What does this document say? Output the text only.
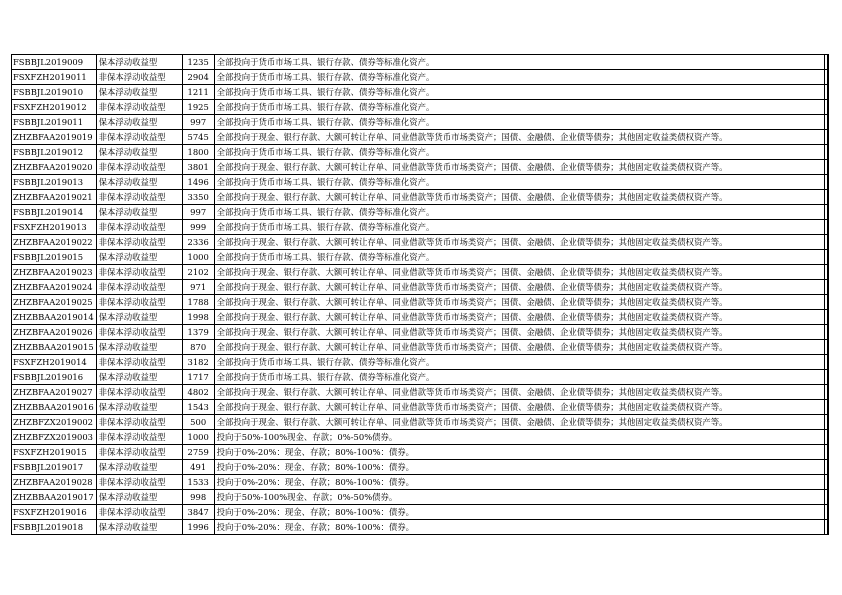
FSBBJL2019009	保本浮动收益型	1235	全部投向于货币市场工具、银行存款、债券等标准化资产。	
FSXFZH2019011	非保本浮动收益型	2904	全部投向于货币市场工具、银行存款、债券等标准化资产。	
FSBBJL2019010	保本浮动收益型	1211	全部投向于货币市场工具、银行存款、债券等标准化资产。	
FSXFZH2019012	非保本浮动收益型	1925	全部投向于货币市场工具、银行存款、债券等标准化资产。	
FSBBJL2019011	保本浮动收益型	997	全部投向于货币市场工具、银行存款、债券等标准化资产。	
ZHZBFAA2019019	非保本浮动收益型	5745	全部投向于现金、银行存款、大额可转让存单、同业借款等货币市场类资产；国债、金融债、企业债等债券；其他固定收益类债权资产等。	
FSBBJL2019012	保本浮动收益型	1800	全部投向于货币市场工具、银行存款、债券等标准化资产。	
ZHZBFAA2019020	非保本浮动收益型	3801	全部投向于现金、银行存款、大额可转让存单、同业借款等货币市场类资产；国债、金融债、企业债等债券；其他固定收益类债权资产等。	
FSBBJL2019013	保本浮动收益型	1496	全部投向于货币市场工具、银行存款、债券等标准化资产。	
ZHZBFAA2019021	非保本浮动收益型	3350	全部投向于现金、银行存款、大额可转让存单、同业借款等货币市场类资产；国债、金融债、企业债等债券；其他固定收益类债权资产等。	
FSBBJL2019014	保本浮动收益型	997	全部投向于货币市场工具、银行存款、债券等标准化资产。	
FSXFZH2019013	非保本浮动收益型	999	全部投向于货币市场工具、银行存款、债券等标准化资产。	
ZHZBFAA2019022	非保本浮动收益型	2336	全部投向于现金、银行存款、大额可转让存单、同业借款等货币市场类资产；国债、金融债、企业债等债券；其他固定收益类债权资产等。	
FSBBJL2019015	保本浮动收益型	1000	全部投向于货币市场工具、银行存款、债券等标准化资产。	
ZHZBFAA2019023	非保本浮动收益型	2102	全部投向于现金、银行存款、大额可转让存单、同业借款等货币市场类资产；国债、金融债、企业债等债券；其他固定收益类债权资产等。	
ZHZBFAA2019024	非保本浮动收益型	971	全部投向于现金、银行存款、大额可转让存单、同业借款等货币市场类资产；国债、金融债、企业债等债券；其他固定收益类债权资产等。	
ZHZBFAA2019025	非保本浮动收益型	1788	全部投向于现金、银行存款、大额可转让存单、同业借款等货币市场类资产；国债、金融债、企业债等债券；其他固定收益类债权资产等。	
ZHZBBAA2019014	保本浮动收益型	1998	全部投向于现金、银行存款、大额可转让存单、同业借款等货币市场类资产；国债、金融债、企业债等债券；其他固定收益类债权资产等。	
ZHZBFAA2019026	非保本浮动收益型	1379	全部投向于现金、银行存款、大额可转让存单、同业借款等货币市场类资产；国债、金融债、企业债等债券；其他固定收益类债权资产等。	
ZHZBBAA2019015	保本浮动收益型	870	全部投向于现金、银行存款、大额可转让存单、同业借款等货币市场类资产；国债、金融债、企业债等债券；其他固定收益类债权资产等。	
FSXFZH2019014	非保本浮动收益型	3182	全部投向于货币市场工具、银行存款、债券等标准化资产。	
FSBBJL2019016	保本浮动收益型	1717	全部投向于货币市场工具、银行存款、债券等标准化资产。	
ZHZBFAA2019027	非保本浮动收益型	4802	全部投向于现金、银行存款、大额可转让存单、同业借款等货币市场类资产；国债、金融债、企业债等债券；其他固定收益类债权资产等。	
ZHZBBAA2019016	保本浮动收益型	1543	全部投向于现金、银行存款、大额可转让存单、同业借款等货币市场类资产；国债、金融债、企业债等债券；其他固定收益类债权资产等。	
ZHZBFZX2019002	非保本浮动收益型	500	全部投向于现金、银行存款、大额可转让存单、同业借款等货币市场类资产；国债、金融债、企业债等债券；其他固定收益类债权资产等。	
ZHZBFZX2019003	非保本浮动收益型	1000	投向于50%-100%现金、存款；0%-50%债券。	
FSXFZH2019015	非保本浮动收益型	2759	投向于0%-20%：现金、存款；80%-100%：债券。	
FSBBJL2019017	保本浮动收益型	491	投向于0%-20%：现金、存款；80%-100%：债券。	
ZHZBFAA2019028	非保本浮动收益型	1533	投向于0%-20%：现金、存款；80%-100%：债券。	
ZHZBBAA2019017	保本浮动收益型	998	投向于50%-100%现金、存款；0%-50%债券。	
FSXFZH2019016	非保本浮动收益型	3847	投向于0%-20%：现金、存款；80%-100%：债券。	
FSBBJL2019018	保本浮动收益型	1996	投向于0%-20%：现金、存款；80%-100%：债券。	
